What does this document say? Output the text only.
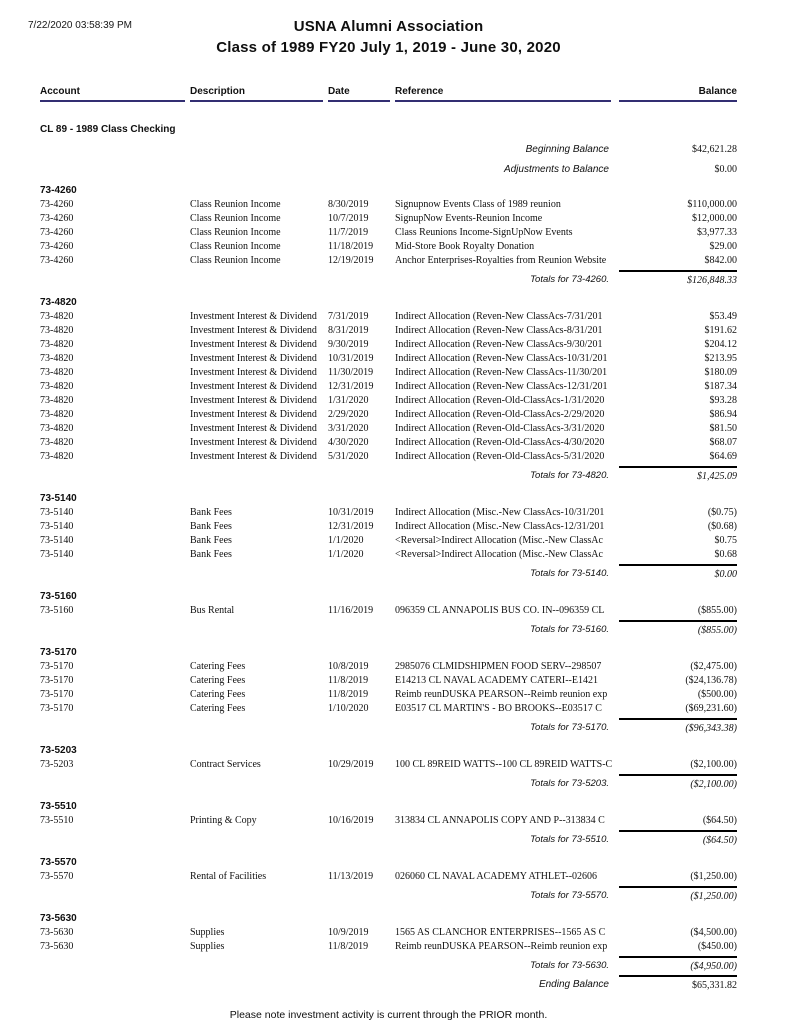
7/22/2020 03:58:39 PM	USNA Alumni Association
Class of 1989 FY20 July 1, 2019 - June 30, 2020
Account	Description	Date	Reference	Balance
CL 89 - 1989 Class Checking
Beginning Balance	$42,621.28
Adjustments to Balance	$0.00
73-4260
73-4260	Class Reunion Income	8/30/2019	Signupnow Events Class of 1989 reunion	$110,000.00
73-4260	Class Reunion Income	10/7/2019	SignupNow Events-Reunion Income	$12,000.00
73-4260	Class Reunion Income	11/7/2019	Class Reunions Income-SignUpNow Events	$3,977.33
73-4260	Class Reunion Income	11/18/2019	Mid-Store Book Royalty Donation	$29.00
73-4260	Class Reunion Income	12/19/2019	Anchor Enterprises-Royalties from Reunion Website	$842.00
Totals for 73-4260.	$126,848.33
73-4820
73-4820	Investment Interest & Dividend	7/31/2019	Indirect Allocation (Reven-New ClassAcs-7/31/201	$53.49
73-4820	Investment Interest & Dividend	8/31/2019	Indirect Allocation (Reven-New ClassAcs-8/31/201	$191.62
73-4820	Investment Interest & Dividend	9/30/2019	Indirect Allocation (Reven-New ClassAcs-9/30/201	$204.12
73-4820	Investment Interest & Dividend	10/31/2019	Indirect Allocation (Reven-New ClassAcs-10/31/201	$213.95
73-4820	Investment Interest & Dividend	11/30/2019	Indirect Allocation (Reven-New ClassAcs-11/30/201	$180.09
73-4820	Investment Interest & Dividend	12/31/2019	Indirect Allocation (Reven-New ClassAcs-12/31/201	$187.34
73-4820	Investment Interest & Dividend	1/31/2020	Indirect Allocation (Reven-Old-ClassAcs-1/31/2020	$93.28
73-4820	Investment Interest & Dividend	2/29/2020	Indirect Allocation (Reven-Old-ClassAcs-2/29/2020	$86.94
73-4820	Investment Interest & Dividend	3/31/2020	Indirect Allocation (Reven-Old-ClassAcs-3/31/2020	$81.50
73-4820	Investment Interest & Dividend	4/30/2020	Indirect Allocation (Reven-Old-ClassAcs-4/30/2020	$68.07
73-4820	Investment Interest & Dividend	5/31/2020	Indirect Allocation (Reven-Old-ClassAcs-5/31/2020	$64.69
Totals for 73-4820.	$1,425.09
73-5140
73-5140	Bank Fees	10/31/2019	Indirect Allocation (Misc.-New ClassAcs-10/31/201	($0.75)
73-5140	Bank Fees	12/31/2019	Indirect Allocation (Misc.-New ClassAcs-12/31/201	($0.68)
73-5140	Bank Fees	1/1/2020	<Reversal>Indirect Allocation (Misc.-New ClassAc	$0.75
73-5140	Bank Fees	1/1/2020	<Reversal>Indirect Allocation (Misc.-New ClassAc	$0.68
Totals for 73-5140.	$0.00
73-5160
73-5160	Bus Rental	11/16/2019	096359 CL ANNAPOLIS BUS CO. IN--096359 CL	($855.00)
Totals for 73-5160.	($855.00)
73-5170
73-5170	Catering Fees	10/8/2019	2985076 CLMIDSHIPMEN FOOD SERV--298507	($2,475.00)
73-5170	Catering Fees	11/8/2019	E14213 CL NAVAL ACADEMY CATERI--E1421	($24,136.78)
73-5170	Catering Fees	11/8/2019	Reimb reunDUSKA PEARSON--Reimb reunion exp	($500.00)
73-5170	Catering Fees	1/10/2020	E03517 CL MARTIN'S - BO BROOKS--E03517 C	($69,231.60)
Totals for 73-5170.	($96,343.38)
73-5203
73-5203	Contract Services	10/29/2019	100 CL 89REID WATTS--100 CL 89REID WATTS-C	($2,100.00)
Totals for 73-5203.	($2,100.00)
73-5510
73-5510	Printing & Copy	10/16/2019	313834 CL ANNAPOLIS COPY AND P--313834 C	($64.50)
Totals for 73-5510.	($64.50)
73-5570
73-5570	Rental of Facilities	11/13/2019	026060 CL NAVAL ACADEMY ATHLET--02606	($1,250.00)
Totals for 73-5570.	($1,250.00)
73-5630
73-5630	Supplies	10/9/2019	1565 AS CLANCHOR ENTERPRISES--1565 AS C	($4,500.00)
73-5630	Supplies	11/8/2019	Reimb reunDUSKA PEARSON--Reimb reunion exp	($450.00)
Totals for 73-5630.	($4,950.00)
Ending Balance	$65,331.82
Please note investment activity is current through the PRIOR month.
